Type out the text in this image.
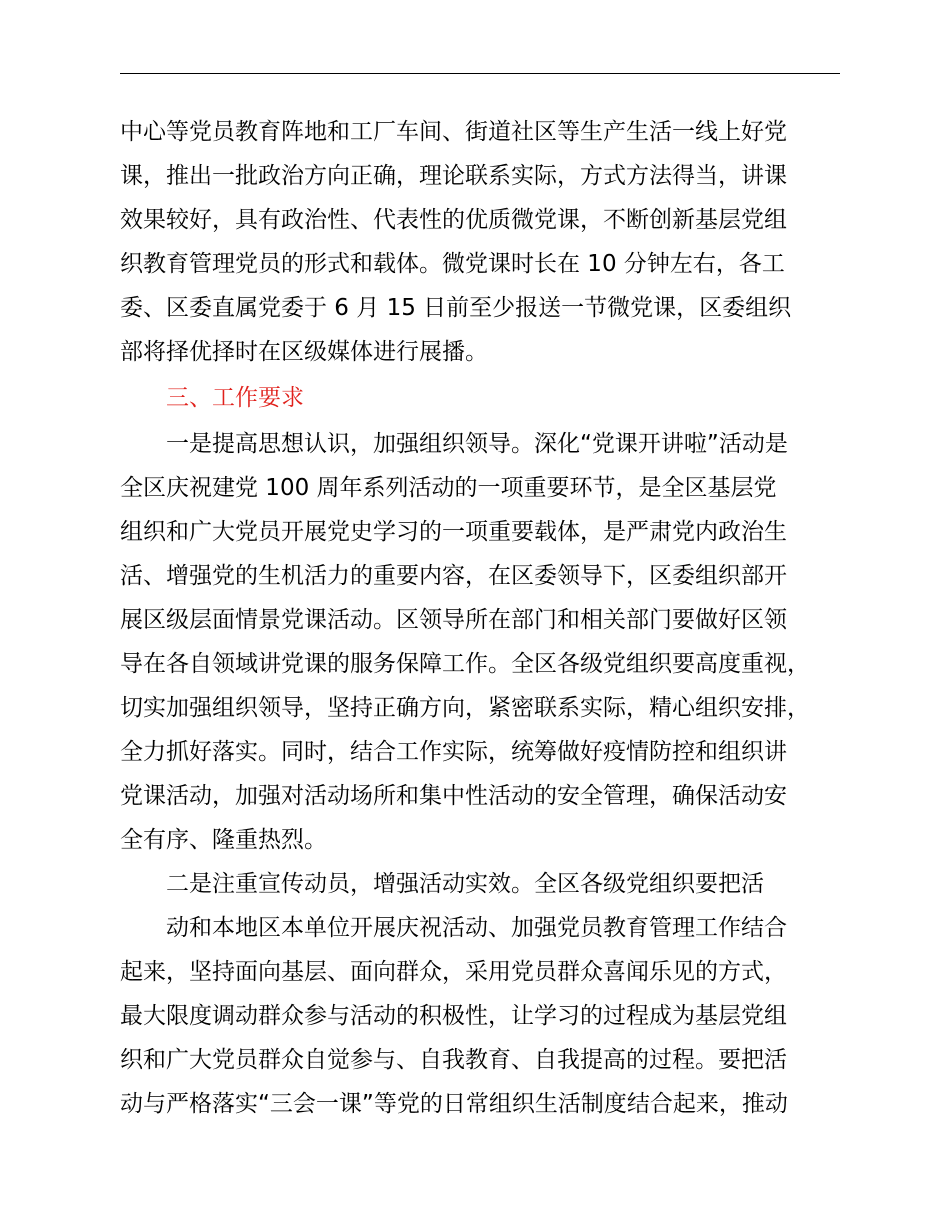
中心等党员教育阵地和工厂车间、街道社区等生产生活一线上好党
课，推出一批政治方向正确，理论联系实际，方式方法得当，讲课
效果较好，具有政治性、代表性的优质微党课，不断创新基层党组
织教育管理党员的形式和载体。微党课时长在 10 分钟左右，各工
委、区委直属党委于 6 月 15 日前至少报送一节微党课，区委组织
部将择优择时在区级媒体进行展播。
三、工作要求
一是提高思想认识，加强组织领导。深化“党课开讲啦”活动是
全区庆祝建党 100 周年系列活动的一项重要环节，是全区基层党
组织和广大党员开展党史学习的一项重要载体，是严肃党内政治生
活、增强党的生机活力的重要内容，在区委领导下，区委组织部开
展区级层面情景党课活动。区领导所在部门和相关部门要做好区领
导在各自领域讲党课的服务保障工作。全区各级党组织要高度重视，
切实加强组织领导，坚持正确方向，紧密联系实际，精心组织安排，
全力抓好落实。同时，结合工作实际，统筹做好疫情防控和组织讲
党课活动，加强对活动场所和集中性活动的安全管理，确保活动安
全有序、隆重热烈。
二是注重宣传动员，增强活动实效。全区各级党组织要把活
动和本地区本单位开展庆祝活动、加强党员教育管理工作结合
起来，坚持面向基层、面向群众，采用党员群众喜闻乐见的方式，
最大限度调动群众参与活动的积极性，让学习的过程成为基层党组
织和广大党员群众自觉参与、自我教育、自我提高的过程。要把活
动与严格落实“三会一课”等党的日常组织生活制度结合起来，推动
